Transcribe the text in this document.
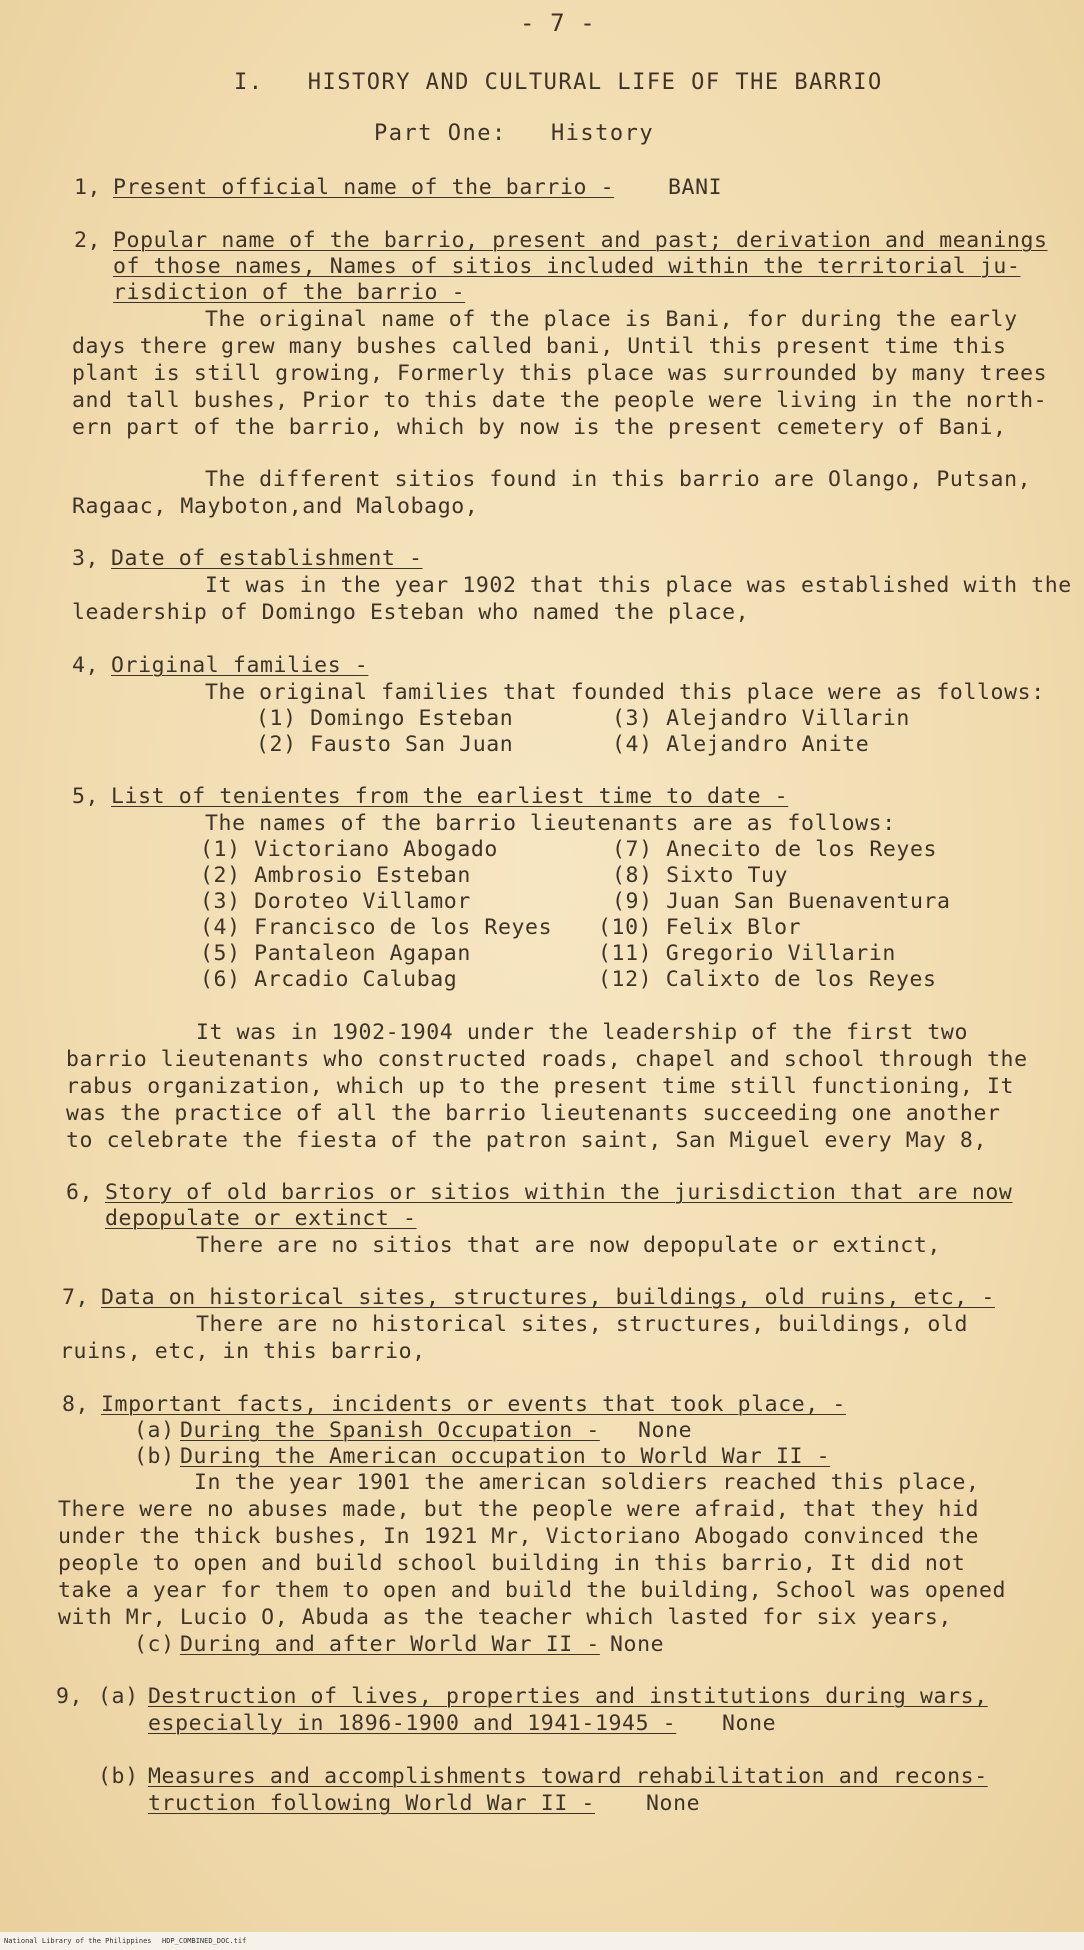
- 7 -
I.   HISTORY AND CULTURAL LIFE OF THE BARRIO
Part One:   History
1, Present official name of the barrio -	BANI
2, Popular name of the barrio, present and past; derivation and meanings
of those names, Names of sitios included within the territorial ju-
risdiction of the barrio -
The original name of the place is Bani, for during the early
days there grew many bushes called bani, Until this present time this
plant is still growing, Formerly this place was surrounded by many trees
and tall bushes, Prior to this date the people were living in the north-
ern part of the barrio, which by now is the present cemetery of Bani,
The different sitios found in this barrio are Olango, Putsan,
Ragaac, Mayboton,and Malobago,
3, Date of establishment -
It was in the year 1902 that this place was established with the
leadership of Domingo Esteban who named the place,
4, Original families -
The original families that founded this place were as follows:
(1) Domingo Esteban
(2) Fausto San Juan
(3) Alejandro Villarin
(4) Alejandro Anite
5, List of tenientes from the earliest time to date -
The names of the barrio lieutenants are as follows:
(1) Victoriano Abogado
(2) Ambrosio Esteban
(3) Doroteo Villamor
(4) Francisco de los Reyes
(5) Pantaleon Agapan
(6) Arcadio Calubag
(7) Anecito de los Reyes
(8) Sixto Tuy
(9) Juan San Buenaventura
(10) Felix Blor
(11) Gregorio Villarin
(12) Calixto de los Reyes
It was in 1902-1904 under the leadership of the first two
barrio lieutenants who constructed roads, chapel and school through the
rabus organization, which up to the present time still functioning, It
was the practice of all the barrio lieutenants succeeding one another
to celebrate the fiesta of the patron saint, San Miguel every May 8,
6, Story of old barrios or sitios within the jurisdiction that are now
depopulate or extinct -
There are no sitios that are now depopulate or extinct,
7, Data on historical sites, structures, buildings, old ruins, etc, -
There are no historical sites, structures, buildings, old
ruins, etc, in this barrio,
8, Important facts, incidents or events that took place, -
(a) During the Spanish Occupation - None
(b) During the American occupation to World War II -
In the year 1901 the american soldiers reached this place,
There were no abuses made, but the people were afraid, that they hid
under the thick bushes, In 1921 Mr, Victoriano Abogado convinced the
people to open and build school building in this barrio, It did not
take a year for them to open and build the building, School was opened
with Mr, Lucio O, Abuda as the teacher which lasted for six years,
(c) During and after World War II - None
9, (a) Destruction of lives, properties and institutions during wars,
especially in 1896-1900 and 1941-1945 - None
(b) Measures and accomplishments toward rehabilitation and recons-
truction following World War II - None
National Library of the Philippines HDP_COMBINED_DOC.tif
